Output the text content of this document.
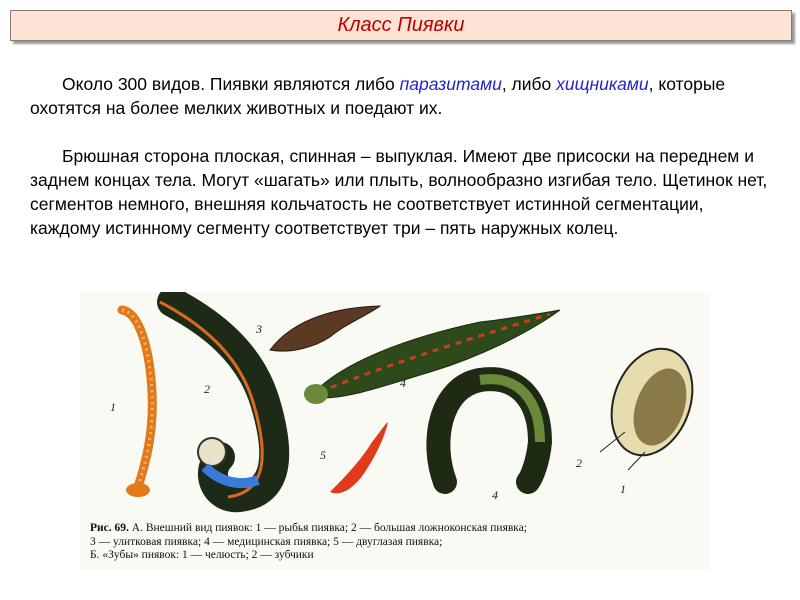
Класс Пиявки

Около 300 видов. Пиявки являются либо паразитами, либо хищниками, которые охотятся на более мелких животных и поедают их.

Брюшная сторона плоская, спинная – выпуклая. Имеют две присоски на переднем и заднем концах тела. Могут «шагать» или плыть, волнообразно изгибая тело. Щетинок нет, сегментов немного, внешняя кольчатость не соответствует истинной сегментации, каждому истинному сегменту соответствует три – пять наружных колец.

1
2
3
4
4
5
2
1
Рис. 69. А. Внешний вид пиявок: 1 — рыбья пиявка; 2 — большая ложноконская пиявка;
3 — улитковая пиявка; 4 — медицинская пиявка; 5 — двуглазая пиявка;
Б. «Зубы» пиявок: 1 — челюсть; 2 — зубчики
